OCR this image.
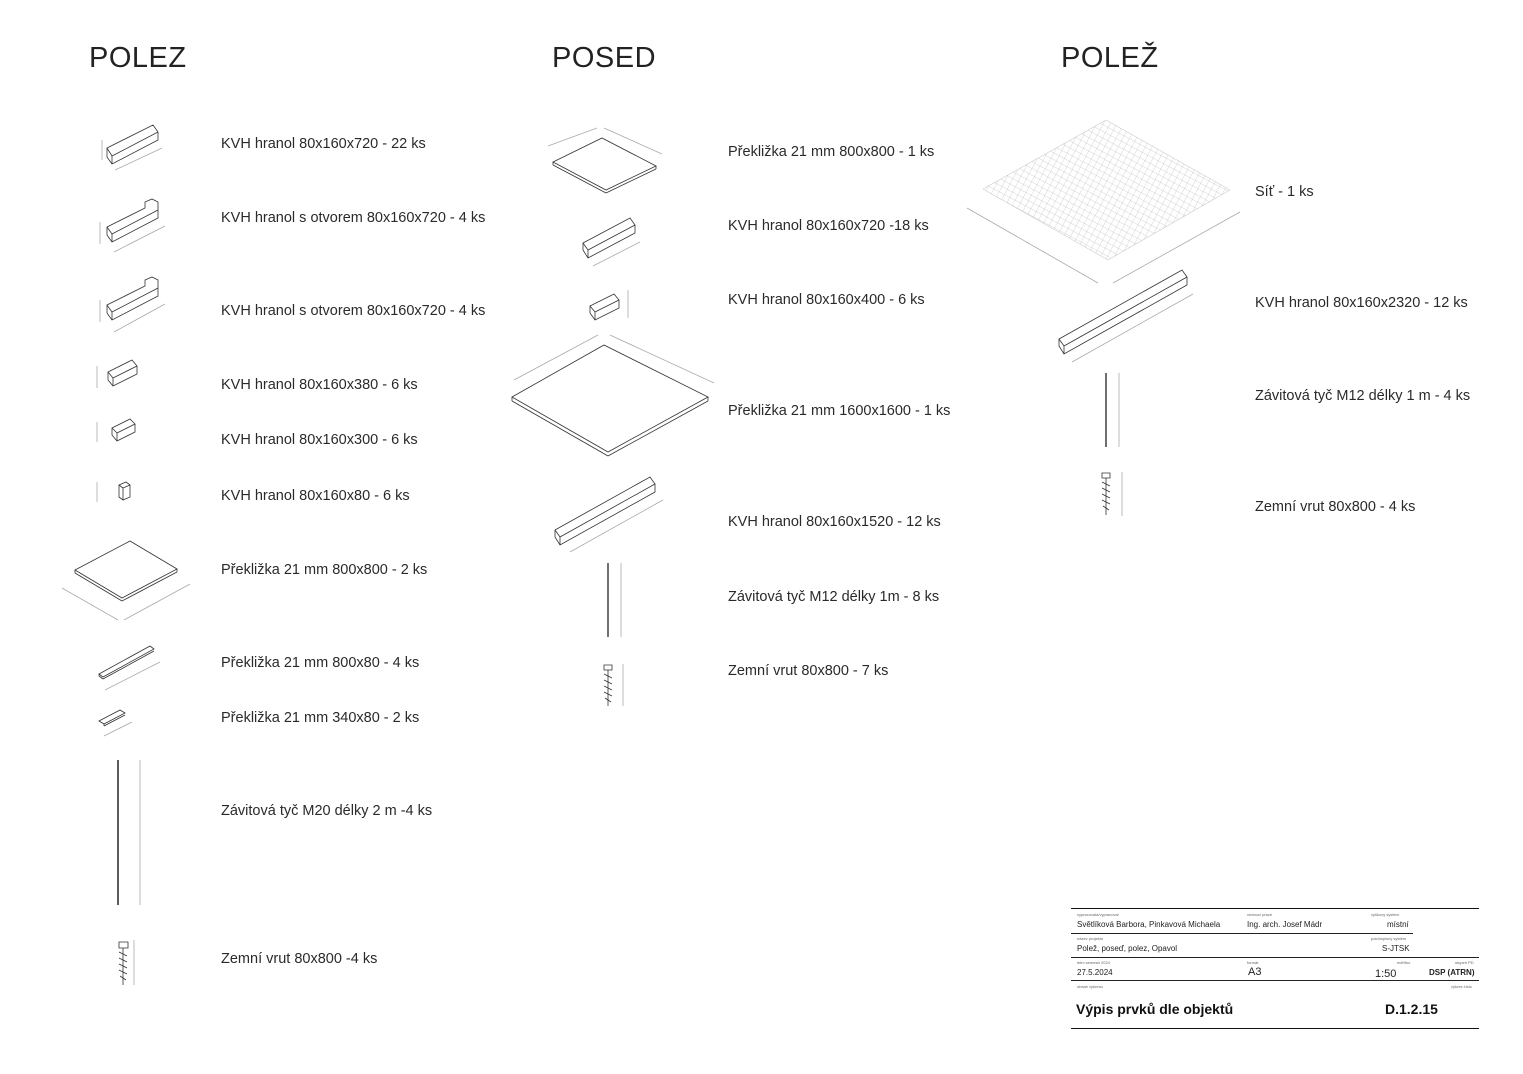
POLEZ	POSED	POLEŽ
KVH hranol 80x160x720 - 22 ks
KVH hranol s otvorem 80x160x720 - 4 ks
KVH hranol s otvorem 80x160x720 - 4 ks
KVH hranol 80x160x380 - 6 ks
KVH hranol 80x160x300 - 6 ks
KVH hranol 80x160x80 - 6 ks
Překližka 21 mm 800x800 - 2 ks
Překližka 21 mm 800x80 - 4 ks
Překližka 21 mm 340x80 - 2 ks
Závitová tyč M20 délky 2 m -4 ks
Zemní vrut 80x800 -4 ks
Překližka 21 mm 800x800 - 1 ks
KVH hranol 80x160x720 -18 ks
KVH hranol 80x160x400 - 6 ks
Překližka 21 mm 1600x1600 - 1 ks
KVH hranol 80x160x1520 - 12 ks
Závitová tyč M12 délky 1m - 8 ks
Zemní vrut 80x800 - 7 ks
Síť - 1 ks
KVH hranol 80x160x2320 - 12 ks
Závitová tyč M12 délky 1 m - 4 ks
Zemní vrut 80x800 - 4 ks
vypracovala/vypracoval
Světlíková Barbora, Pinkavová Michaela
vedoucí práce
Ing. arch. Josef Mádr
výškový systém
místní
název projektu
Polež, poseď, polez, Opavol
polohopisný systém
S-JTSK
letní semestr 2024
27.5.2024
formát
A3
měřítko
1:50
stupeň PD
DSP (ATRN)
obsah výkresu	výkres číslo
Výpis prvků dle objektů	D.1.2.15
